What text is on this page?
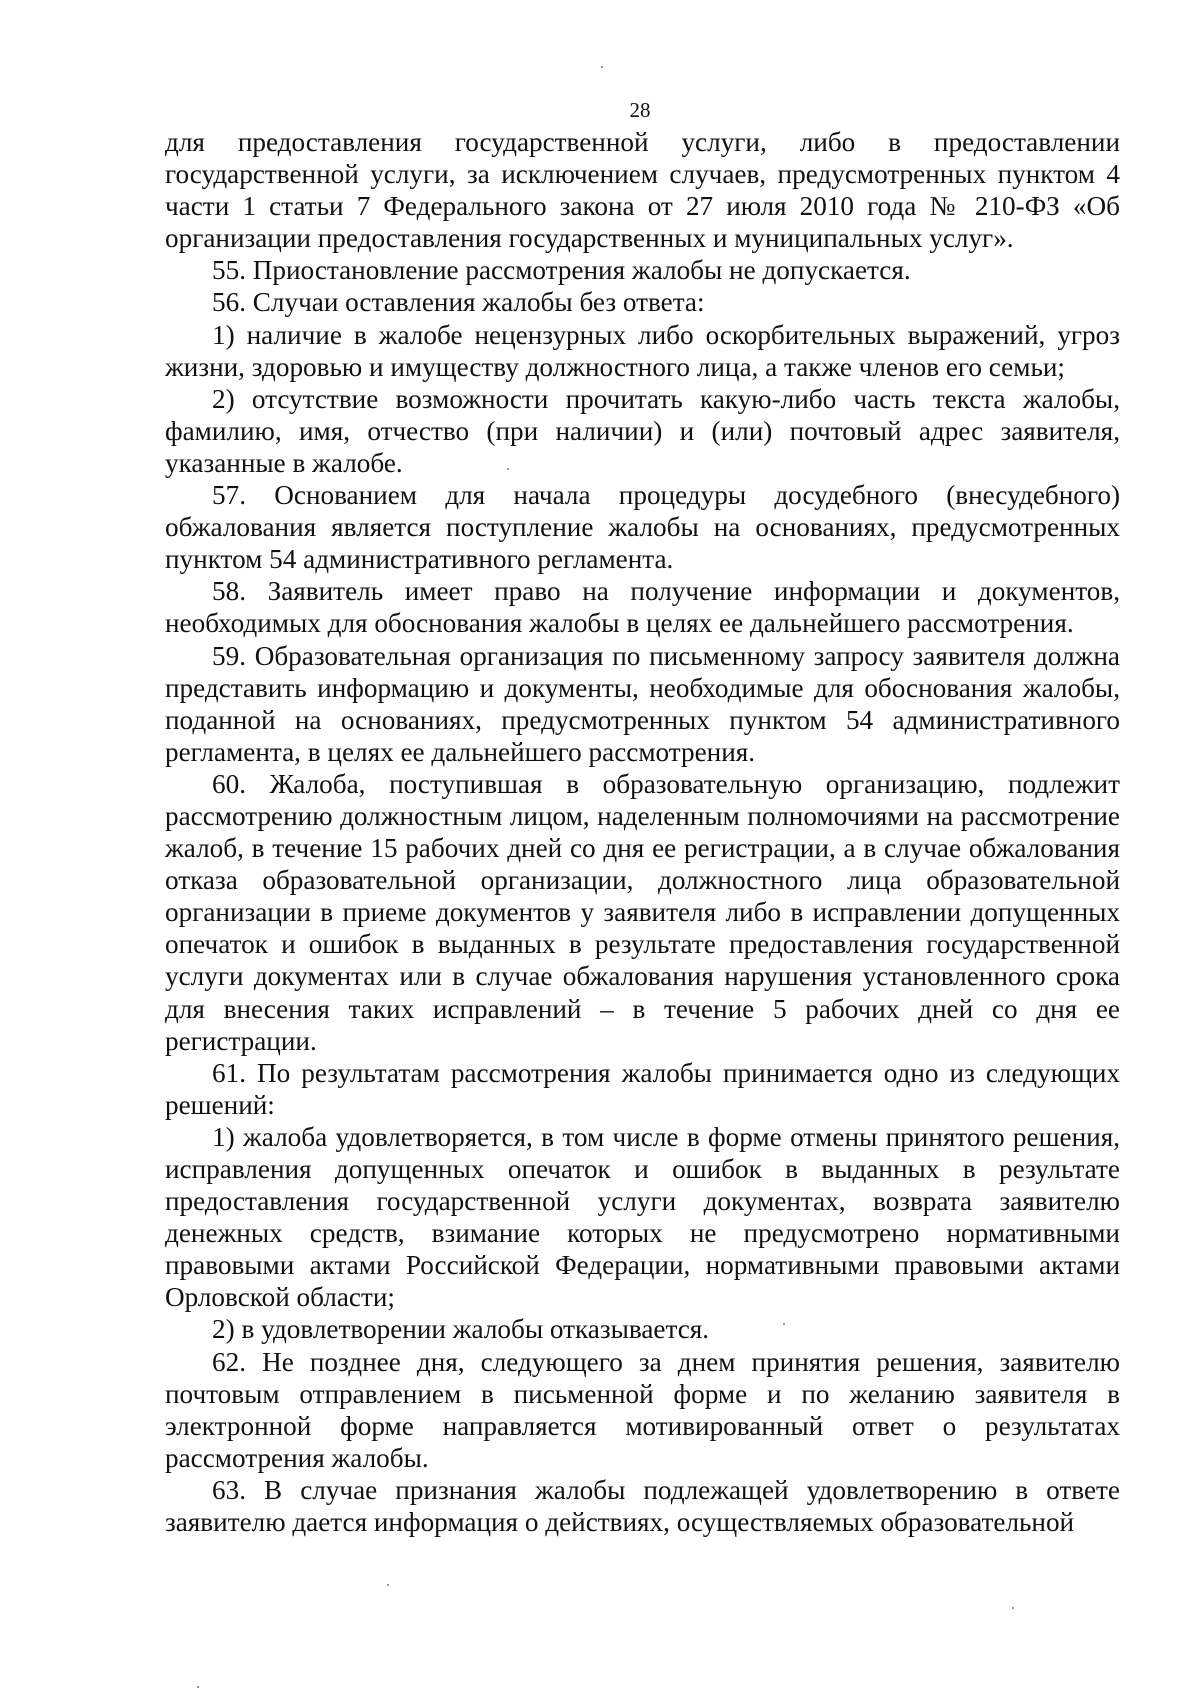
28

для предоставления государственной услуги, либо в предоставлении государственной услуги, за исключением случаев, предусмотренных пунктом 4 части 1 статьи 7 Федерального закона от 27 июля 2010 года № 210-ФЗ «Об организации предоставления государственных и муниципальных услуг».

55. Приостановление рассмотрения жалобы не допускается.

56. Случаи оставления жалобы без ответа:

1) наличие в жалобе нецензурных либо оскорбительных выражений, угроз жизни, здоровью и имуществу должностного лица, а также членов его семьи;

2) отсутствие возможности прочитать какую-либо часть текста жалобы, фамилию, имя, отчество (при наличии) и (или) почтовый адрес заявителя, указанные в жалобе.

57. Основанием для начала процедуры досудебного (внесудебного) обжалования является поступление жалобы на основаниях, предусмотренных пунктом 54 административного регламента.

58. Заявитель имеет право на получение информации и документов, необходимых для обоснования жалобы в целях ее дальнейшего рассмотрения.

59. Образовательная организация по письменному запросу заявителя должна представить информацию и документы, необходимые для обоснования жалобы, поданной на основаниях, предусмотренных пунктом 54 административного регламента, в целях ее дальнейшего рассмотрения.

60. Жалоба, поступившая в образовательную организацию, подлежит рассмотрению должностным лицом, наделенным полномочиями на рассмотрение жалоб, в течение 15 рабочих дней со дня ее регистрации, а в случае обжалования отказа образовательной организации, должностного лица образовательной организации в приеме документов у заявителя либо в исправлении допущенных опечаток и ошибок в выданных в результате предоставления государственной услуги документах или в случае обжалования нарушения установленного срока для внесения таких исправлений – в течение 5 рабочих дней со дня ее регистрации.

61. По результатам рассмотрения жалобы принимается одно из следующих решений:

1) жалоба удовлетворяется, в том числе в форме отмены принятого решения, исправления допущенных опечаток и ошибок в выданных в результате предоставления государственной услуги документах, возврата заявителю денежных средств, взимание которых не предусмотрено нормативными правовыми актами Российской Федерации, нормативными правовыми актами Орловской области;

2) в удовлетворении жалобы отказывается.

62. Не позднее дня, следующего за днем принятия решения, заявителю почтовым отправлением в письменной форме и по желанию заявителя в электронной форме направляется мотивированный ответ о результатах рассмотрения жалобы.

63. В случае признания жалобы подлежащей удовлетворению в ответе заявителю дается информация о действиях, осуществляемых образовательной
